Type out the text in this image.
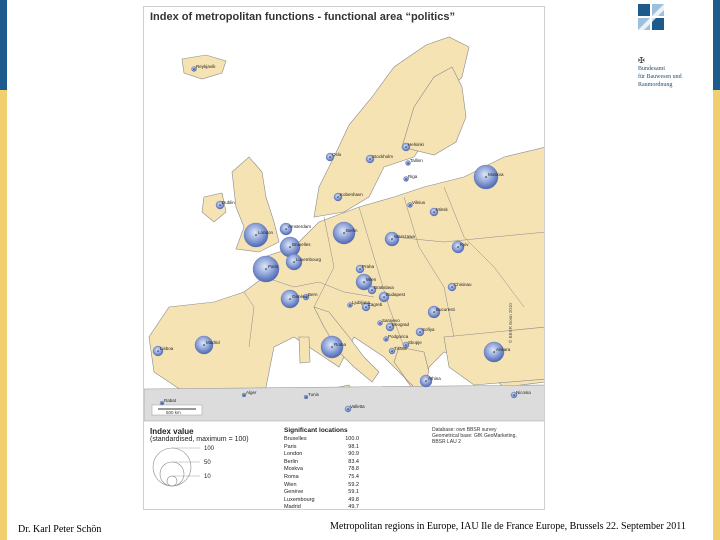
500 km
Reykjavík
Helsinki
Tallinn
Stockholm
Riga	Moskva
Oslo
Kobenhavn
Vilnius
Minsk
Dublin
London
Amsterdam
Bruxelles
Berlin
Warszawa
Kyiv
Luxembourg
Paris	Praha
Wien
Bratislava
Budapest
Chisinau
Bern
Genève
Ljubljana
Zagreb
Beograd
Bucuresti
Sarajevo
Sofiya
Podgorica
Skopje
Tirana
Lisboa
Madrid	Roma
Athina
Ankara
Nicosia
Rabat
Alger	Tunis
Valletta
Index of metropolitan functions - functional area “politics”
© BBSR Bonn 2010
Index value
(standardised, maximum = 100)
100
50
10
Significant locations
Bruxelles	100.0
Paris	98.1
London	90.9
Berlin	83.4
Moskva	78.8
Roma	75.4
Wien	59.2
Genève	59.1
Luxembourg	49.8
Madrid	49.7
Database: own BBSR survey
Geometrical base: GfK GeoMarketing,
BBSR LAU 2
✠
Bundesamt
für Bauwesen und
Raumordnung
Dr. Karl Peter Schön	Metropolitan regions in Europe, IAU Ile de France Europe, Brussels 22. September 2011
